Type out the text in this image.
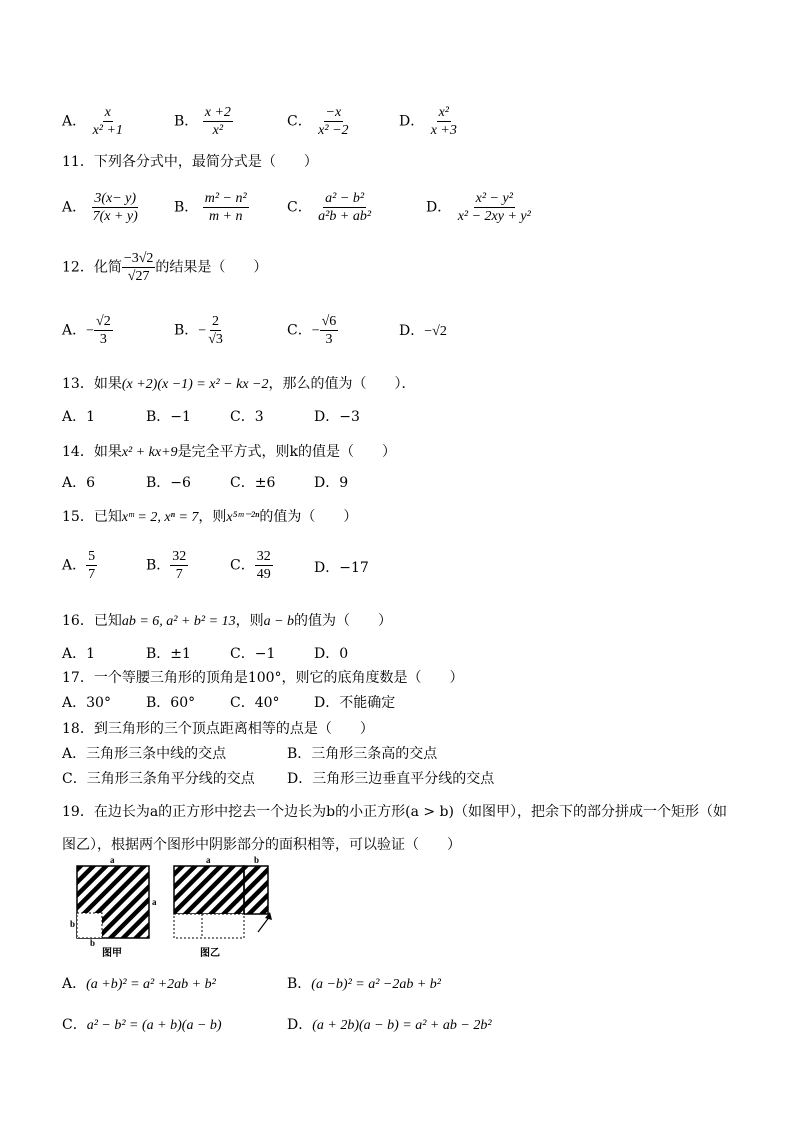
A． $\frac{x}{\text{x² +1}}$	B． $\frac{x +2}{\text{x²}}$	C． $\frac{-x}{\text{x² −2}}$	D． $\frac{\text{x²}}{x +3}$
11．下列各分式中，最简分式是（　　）
A． $\frac{3(x- y)}{7(x + y)}$ B． $\frac{\text{m² − n²}}{m + n}$	C． $\frac{\text{a² − b²}}{\text{a²b + ab²}}$	D． $\frac{\text{x² − y²}}{\text{x² − 2xy + y²}}$
12．化简 $\frac{-3√2}{√27}$ 的结果是（　　）
A．− $\frac{√2}{3}$	B．− $\frac{2}{√3}$	C．− $\frac{√6}{3}$	D．−√2
13．如果(x +2)(x −1) = x² − kx −2，那么的值为（　　）．
A．1	B．−1	C．3	D．−3
14．如果x² + kx+9是完全平方式，则k的值是（　　）
A．6	B．−6	C．±6	D．9
15．已知xᵐ = 2, xⁿ = 7，则x⁵ᵐ⁻²ⁿ的值为（　　）
A． $\frac{5}{7}$	B． $\frac{32}{7}$	C． $\frac{32}{49}$	D．−17
16．已知ab = 6, a² + b² = 13，则a − b的值为（　　）
A．1	B．±1	C．−1	D．0
17．一个等腰三角形的顶角是100°，则它的底角度数是（　　）
A．30°	B．60° C．40° D．不能确定
18．到三角形的三个顶点距离相等的点是（　　）
A．三角形三条中线的交点	B．三角形三条高的交点
C．三角形三条角平分线的交点 D．三角形三边垂直平分线的交点
19．在边长为a的正方形中挖去一个边长为b的小正方形(a > b)（如图甲），把余下的部分拼成一个矩形（如
图乙），根据两个图形中阴影部分的面积相等，可以验证（　　）
a
a
b
b
图甲
a	b
图乙
A．(a +b)² = a² +2ab + b²	B．(a −b)² = a² −2ab + b²
C．a² − b² = (a + b)(a − b)	D．(a + 2b)(a − b) = a² + ab − 2b²
